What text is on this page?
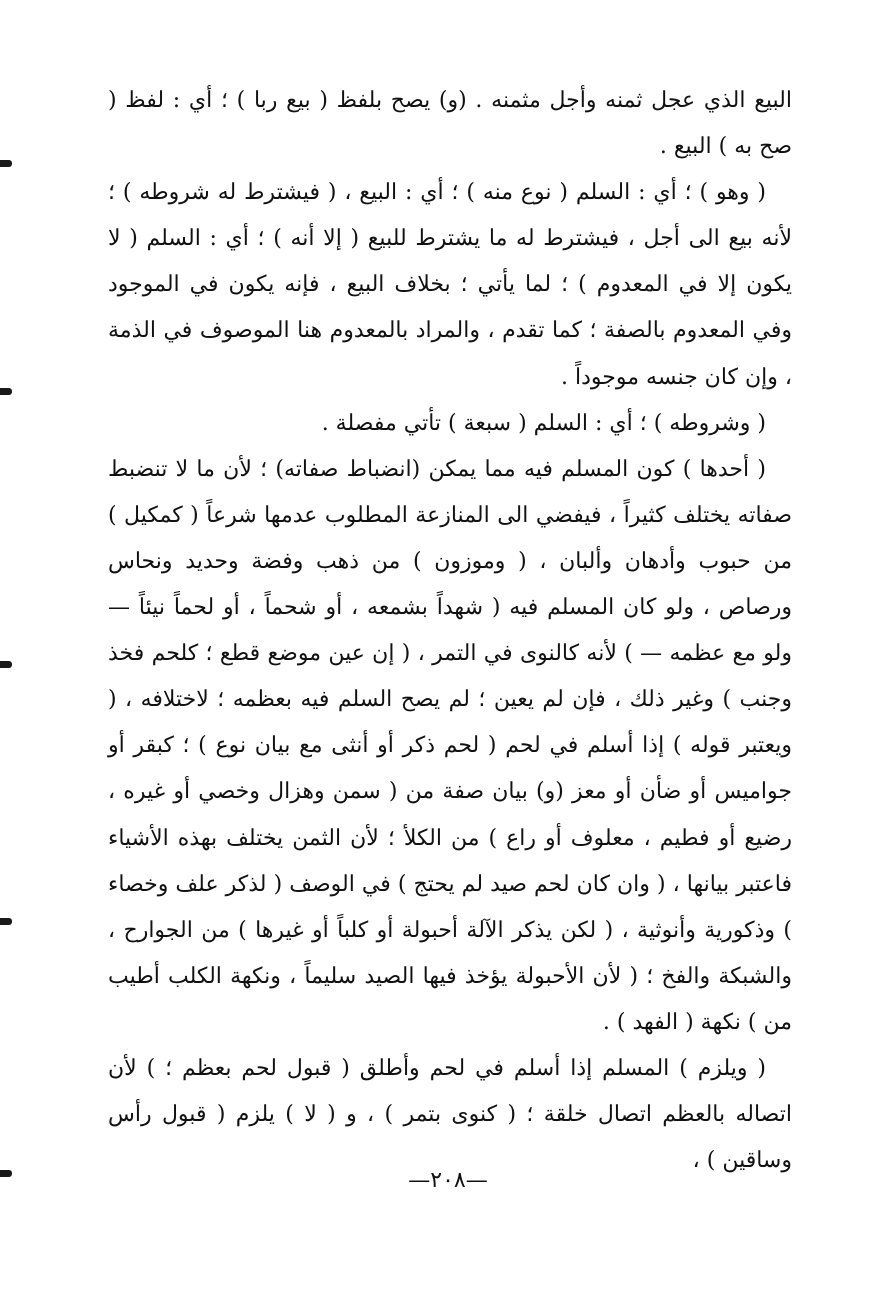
البيع الذي عجل ثمنه وأجل مثمنه . (و) يصح بلفظ ( بيع ربا ) ؛ أي : لفظ ( صح به ) البيع .

( وهو ) ؛ أي : السلم ( نوع منه ) ؛ أي : البيع ، ( فيشترط له شروطه ) ؛ لأنه بيع الى أجل ، فيشترط له ما يشترط للبيع ( إلا أنه ) ؛ أي : السلم ( لا يكون إلا في المعدوم ) ؛ لما يأتي ؛ بخلاف البيع ، فإنه يكون في الموجود وفي المعدوم بالصفة ؛ كما تقدم ، والمراد بالمعدوم هنا الموصوف في الذمة ، وإن كان جنسه موجوداً .

( وشروطه ) ؛ أي : السلم ( سبعة ) تأتي مفصلة .

( أحدها ) كون المسلم فيه مما يمكن (انضباط صفاته) ؛ لأن ما لا تنضبط صفاته يختلف كثيراً ، فيفضي الى المنازعة المطلوب عدمها شرعاً ( كمكيل ) من حبوب وأدهان وألبان ، ( وموزون ) من ذهب وفضة وحديد ونحاس ورصاص ، ولو كان المسلم فيه ( شهداً بشمعه ، أو شحماً ، أو لحماً نيئاً — ولو مع عظمه — ) لأنه كالنوى في التمر ، ( إن عين موضع قطع ؛ كلحم فخذ وجنب ) وغير ذلك ، فإن لم يعين ؛ لم يصح السلم فيه بعظمه ؛ لاختلافه ، ( ويعتبر قوله ) إذا أسلم في لحم ( لحم ذكر أو أنثى مع بيان نوع ) ؛ كبقر أو جواميس أو ضأن أو معز (و) بيان صفة من ( سمن وهزال وخصي أو غيره ، رضيع أو فطيم ، معلوف أو راع ) من الكلأ ؛ لأن الثمن يختلف بهذه الأشياء فاعتبر بيانها ، ( وان كان لحم صيد لم يحتج ) في الوصف ( لذكر علف وخصاء ) وذكورية وأنوثية ، ( لكن يذكر الآلة أحبولة أو كلباً أو غيرها ) من الجوارح ، والشبكة والفخ ؛ ( لأن الأحبولة يؤخذ فيها الصيد سليماً ، ونكهة الكلب أطيب من ) نكهة ( الفهد ) .

( ويلزم ) المسلم إذا أسلم في لحم وأطلق ( قبول لحم بعظم ؛ ) لأن اتصاله بالعظم اتصال خلقة ؛ ( كنوى بتمر ) ، و ( لا ) يلزم ( قبول رأس وساقين ) ،

—٢٠٨—
